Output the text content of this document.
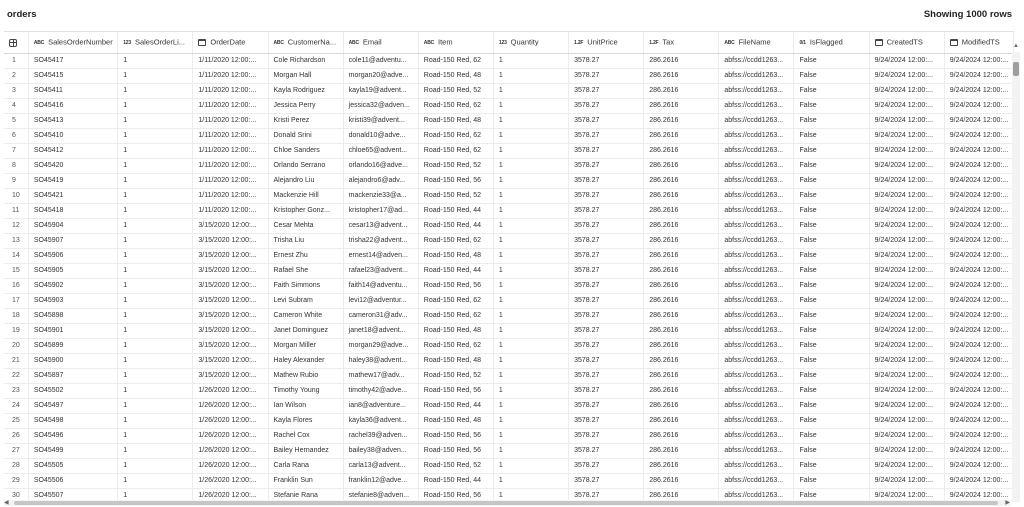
orders	Showing 1000 rows
	ABC SalesOrderNumber	123 SalesOrderLi...	OrderDate	ABC CustomerNa...	ABC Email	ABC Item	123 Quantity	1.2F UnitPrice	1.2F Tax	ABC FileName	0/1 IsFlagged	CreatedTS	ModifiedTS
1	SO45417	1	1/11/2020 12:00:...	Cole Richardson	cole11@adventu...	Road-150 Red, 62	1	3578.27	286.2616	abfss://ccdd1263...	False	9/24/2024 12:00:...	9/24/2024 12:00:...
2	SO45415	1	1/11/2020 12:00:...	Morgan Hall	morgan20@adve...	Road-150 Red, 48	1	3578.27	286.2616	abfss://ccdd1263...	False	9/24/2024 12:00:...	9/24/2024 12:00:...
3	SO45411	1	1/11/2020 12:00:...	Kayla Rodriguez	kayla19@advent...	Road-150 Red, 52	1	3578.27	286.2616	abfss://ccdd1263...	False	9/24/2024 12:00:...	9/24/2024 12:00:...
4	SO45416	1	1/11/2020 12:00:...	Jessica Perry	jessica32@adven...	Road-150 Red, 62	1	3578.27	286.2616	abfss://ccdd1263...	False	9/24/2024 12:00:...	9/24/2024 12:00:...
5	SO45413	1	1/11/2020 12:00:...	Kristi Perez	kristi39@advent...	Road-150 Red, 48	1	3578.27	286.2616	abfss://ccdd1263...	False	9/24/2024 12:00:...	9/24/2024 12:00:...
6	SO45410	1	1/11/2020 12:00:...	Donald Srini	donald10@adve...	Road-150 Red, 62	1	3578.27	286.2616	abfss://ccdd1263...	False	9/24/2024 12:00:...	9/24/2024 12:00:...
7	SO45412	1	1/11/2020 12:00:...	Chloe Sanders	chloe65@advent...	Road-150 Red, 62	1	3578.27	286.2616	abfss://ccdd1263...	False	9/24/2024 12:00:...	9/24/2024 12:00:...
8	SO45420	1	1/11/2020 12:00:...	Orlando Serrano	orlando16@adve...	Road-150 Red, 52	1	3578.27	286.2616	abfss://ccdd1263...	False	9/24/2024 12:00:...	9/24/2024 12:00:...
9	SO45419	1	1/11/2020 12:00:...	Alejandro Liu	alejandro6@adv...	Road-150 Red, 56	1	3578.27	286.2616	abfss://ccdd1263...	False	9/24/2024 12:00:...	9/24/2024 12:00:...
10	SO45421	1	1/11/2020 12:00:...	Mackenzie Hill	mackenzie33@a...	Road-150 Red, 52	1	3578.27	286.2616	abfss://ccdd1263...	False	9/24/2024 12:00:...	9/24/2024 12:00:...
11	SO45418	1	1/11/2020 12:00:...	Kristopher Gonz...	kristopher17@ad...	Road-150 Red, 44	1	3578.27	286.2616	abfss://ccdd1263...	False	9/24/2024 12:00:...	9/24/2024 12:00:...
12	SO45904	1	3/15/2020 12:00:...	Cesar Mehta	cesar13@advent...	Road-150 Red, 44	1	3578.27	286.2616	abfss://ccdd1263...	False	9/24/2024 12:00:...	9/24/2024 12:00:...
13	SO45907	1	3/15/2020 12:00:...	Trisha Liu	trisha22@advent...	Road-150 Red, 62	1	3578.27	286.2616	abfss://ccdd1263...	False	9/24/2024 12:00:...	9/24/2024 12:00:...
14	SO45906	1	3/15/2020 12:00:...	Ernest Zhu	ernest14@adven...	Road-150 Red, 48	1	3578.27	286.2616	abfss://ccdd1263...	False	9/24/2024 12:00:...	9/24/2024 12:00:...
15	SO45905	1	3/15/2020 12:00:...	Rafael She	rafael23@advent...	Road-150 Red, 44	1	3578.27	286.2616	abfss://ccdd1263...	False	9/24/2024 12:00:...	9/24/2024 12:00:...
16	SO45902	1	3/15/2020 12:00:...	Faith Simmons	faith14@adventu...	Road-150 Red, 56	1	3578.27	286.2616	abfss://ccdd1263...	False	9/24/2024 12:00:...	9/24/2024 12:00:...
17	SO45903	1	3/15/2020 12:00:...	Levi Subram	levi12@adventur...	Road-150 Red, 62	1	3578.27	286.2616	abfss://ccdd1263...	False	9/24/2024 12:00:...	9/24/2024 12:00:...
18	SO45898	1	3/15/2020 12:00:...	Cameron White	cameron31@adv...	Road-150 Red, 62	1	3578.27	286.2616	abfss://ccdd1263...	False	9/24/2024 12:00:...	9/24/2024 12:00:...
19	SO45901	1	3/15/2020 12:00:...	Janet Dominguez	janet18@advent...	Road-150 Red, 48	1	3578.27	286.2616	abfss://ccdd1263...	False	9/24/2024 12:00:...	9/24/2024 12:00:...
20	SO45899	1	3/15/2020 12:00:...	Morgan Miller	morgan29@adve...	Road-150 Red, 62	1	3578.27	286.2616	abfss://ccdd1263...	False	9/24/2024 12:00:...	9/24/2024 12:00:...
21	SO45900	1	3/15/2020 12:00:...	Haley Alexander	haley38@advent...	Road-150 Red, 48	1	3578.27	286.2616	abfss://ccdd1263...	False	9/24/2024 12:00:...	9/24/2024 12:00:...
22	SO45897	1	3/15/2020 12:00:...	Mathew Rubio	mathew17@adv...	Road-150 Red, 52	1	3578.27	286.2616	abfss://ccdd1263...	False	9/24/2024 12:00:...	9/24/2024 12:00:...
23	SO45502	1	1/26/2020 12:00:...	Timothy Young	timothy42@adve...	Road-150 Red, 56	1	3578.27	286.2616	abfss://ccdd1263...	False	9/24/2024 12:00:...	9/24/2024 12:00:...
24	SO45497	1	1/26/2020 12:00:...	Ian Wilson	ian8@adventure...	Road-150 Red, 44	1	3578.27	286.2616	abfss://ccdd1263...	False	9/24/2024 12:00:...	9/24/2024 12:00:...
25	SO45498	1	1/26/2020 12:00:...	Kayla Flores	kayla36@advent...	Road-150 Red, 48	1	3578.27	286.2616	abfss://ccdd1263...	False	9/24/2024 12:00:...	9/24/2024 12:00:...
26	SO45496	1	1/26/2020 12:00:...	Rachel Cox	rachel39@adven...	Road-150 Red, 56	1	3578.27	286.2616	abfss://ccdd1263...	False	9/24/2024 12:00:...	9/24/2024 12:00:...
27	SO45499	1	1/26/2020 12:00:...	Bailey Hernandez	bailey38@adven...	Road-150 Red, 56	1	3578.27	286.2616	abfss://ccdd1263...	False	9/24/2024 12:00:...	9/24/2024 12:00:...
28	SO45505	1	1/26/2020 12:00:...	Carla Rana	carla13@advent...	Road-150 Red, 52	1	3578.27	286.2616	abfss://ccdd1263...	False	9/24/2024 12:00:...	9/24/2024 12:00:...
29	SO45506	1	1/26/2020 12:00:...	Franklin Sun	franklin12@adve...	Road-150 Red, 44	1	3578.27	286.2616	abfss://ccdd1263...	False	9/24/2024 12:00:...	9/24/2024 12:00:...
30	SO45507	1	1/26/2020 12:00:...	Stefanie Rana	stefanie8@adven...	Road-150 Red, 56	1	3578.27	286.2616	abfss://ccdd1263...	False	9/24/2024 12:00:...	9/24/2024 12:00:...
▲
◀	▶
